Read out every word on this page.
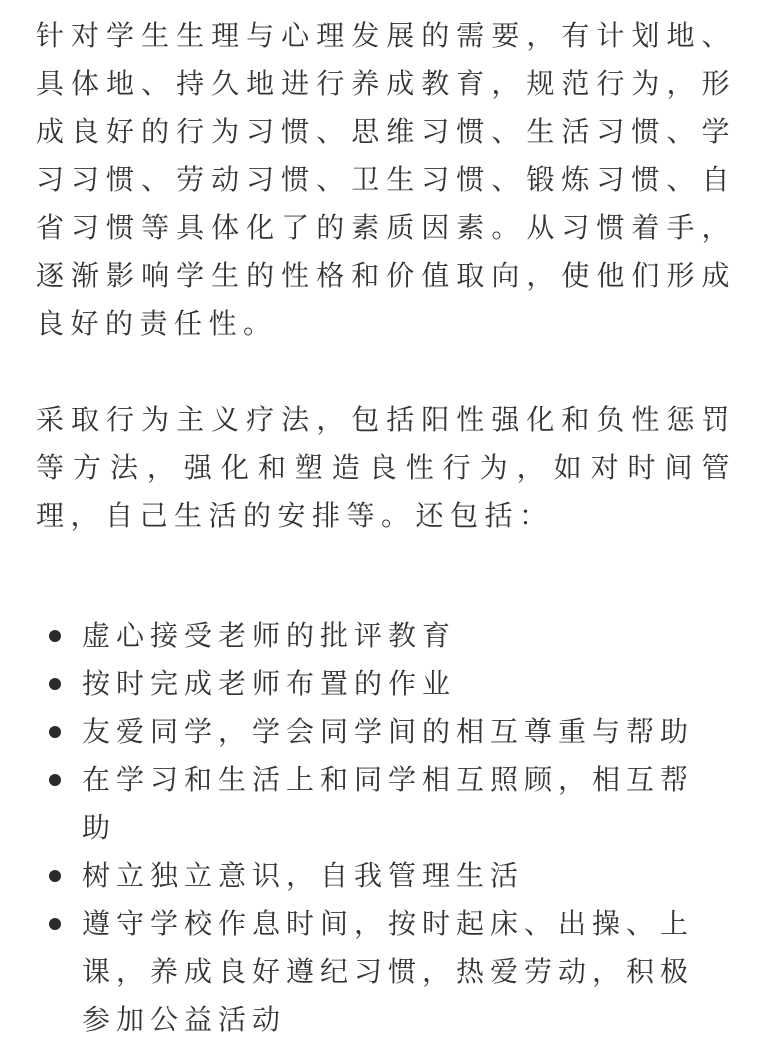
针对学生生理与心理发展的需要，有计划地、具体地、持久地进行养成教育，规范行为，形成良好的行为习惯、思维习惯、生活习惯、学习习惯、劳动习惯、卫生习惯、锻炼习惯、自省习惯等具体化了的素质因素。从习惯着手，逐渐影响学生的性格和价值取向，使他们形成良好的责任性。

采取行为主义疗法，包括阳性强化和负性惩罚等方法，强化和塑造良性行为，如对时间管理，自己生活的安排等。还包括：

虚心接受老师的批评教育
按时完成老师布置的作业
友爱同学，学会同学间的相互尊重与帮助
在学习和生活上和同学相互照顾，相互帮助
树立独立意识，自我管理生活
遵守学校作息时间，按时起床、出操、上课，养成良好遵纪习惯，热爱劳动，积极参加公益活动
